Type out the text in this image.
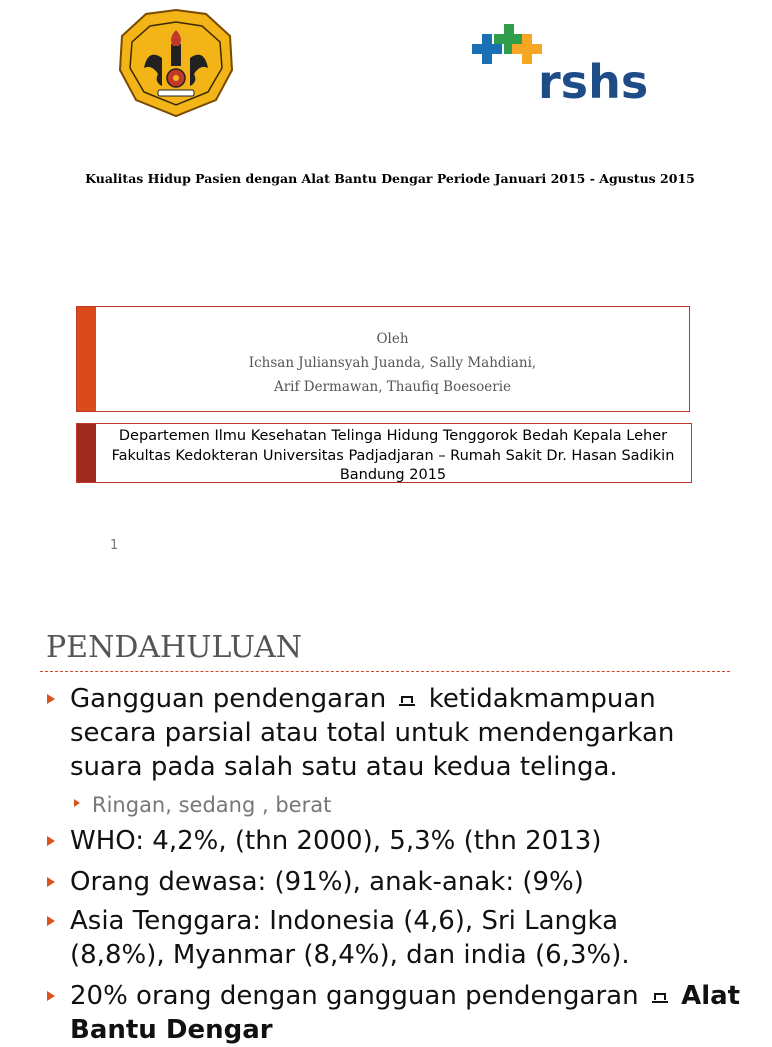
rshs
Kualitas Hidup Pasien dengan Alat Bantu Dengar Periode Januari 2015 - Agustus 2015
Oleh
Ichsan Juliansyah Juanda, Sally Mahdiani,
Arif Dermawan, Thaufiq Boesoerie
Departemen Ilmu Kesehatan Telinga Hidung Tenggorok Bedah Kepala Leher
Fakultas Kedokteran Universitas Padjadjaran – Rumah Sakit Dr. Hasan Sadikin
Bandung 2015
1
PENDAHULUAN
Gangguan pendengaran ketidakmampuan secara parsial atau total untuk mendengarkan suara pada salah satu atau kedua telinga.
Ringan, sedang , berat
WHO: 4,2%, (thn 2000), 5,3% (thn 2013)
Orang dewasa: (91%), anak-anak: (9%)
Asia Tenggara: Indonesia (4,6), Sri Langka (8,8%), Myanmar (8,4%), dan india (6,3%).
20% orang dengan gangguan pendengaran Alat Bantu Dengar
